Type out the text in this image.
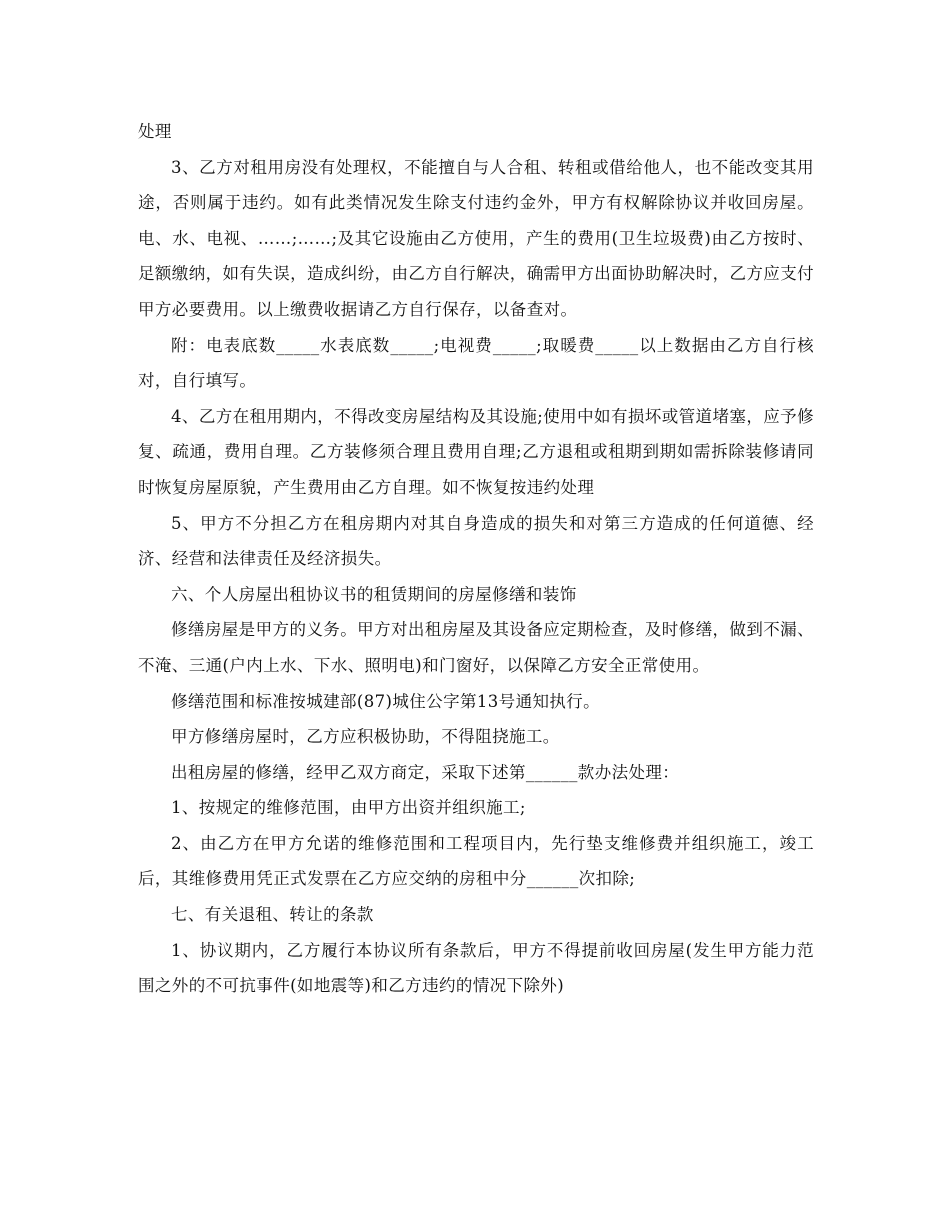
处理

3、乙方对租用房没有处理权，不能擅自与人合租、转租或借给他人，也不能改变其用途，否则属于违约。如有此类情况发生除支付违约金外，甲方有权解除协议并收回房屋。电、水、电视、……;……;及其它设施由乙方使用，产生的费用(卫生垃圾费)由乙方按时、足额缴纳，如有失误，造成纠纷，由乙方自行解决，确需甲方出面协助解决时，乙方应支付甲方必要费用。以上缴费收据请乙方自行保存，以备查对。

附：电表底数_____水表底数_____;电视费_____;取暖费_____以上数据由乙方自行核对，自行填写。

4、乙方在租用期内，不得改变房屋结构及其设施;使用中如有损坏或管道堵塞，应予修复、疏通，费用自理。乙方装修须合理且费用自理;乙方退租或租期到期如需拆除装修请同时恢复房屋原貌，产生费用由乙方自理。如不恢复按违约处理

5、甲方不分担乙方在租房期内对其自身造成的损失和对第三方造成的任何道德、经济、经营和法律责任及经济损失。

六、个人房屋出租协议书的租赁期间的房屋修缮和装饰

修缮房屋是甲方的义务。甲方对出租房屋及其设备应定期检查，及时修缮，做到不漏、不淹、三通(户内上水、下水、照明电)和门窗好，以保障乙方安全正常使用。

修缮范围和标准按城建部(87)城住公字第13号通知执行。

甲方修缮房屋时，乙方应积极协助，不得阻挠施工。

出租房屋的修缮，经甲乙双方商定，采取下述第______款办法处理：

1、按规定的维修范围，由甲方出资并组织施工;

2、由乙方在甲方允诺的维修范围和工程项目内，先行垫支维修费并组织施工，竣工后，其维修费用凭正式发票在乙方应交纳的房租中分______次扣除;

七、有关退租、转让的条款

1、协议期内，乙方履行本协议所有条款后，甲方不得提前收回房屋(发生甲方能力范围之外的不可抗事件(如地震等)和乙方违约的情况下除外)
